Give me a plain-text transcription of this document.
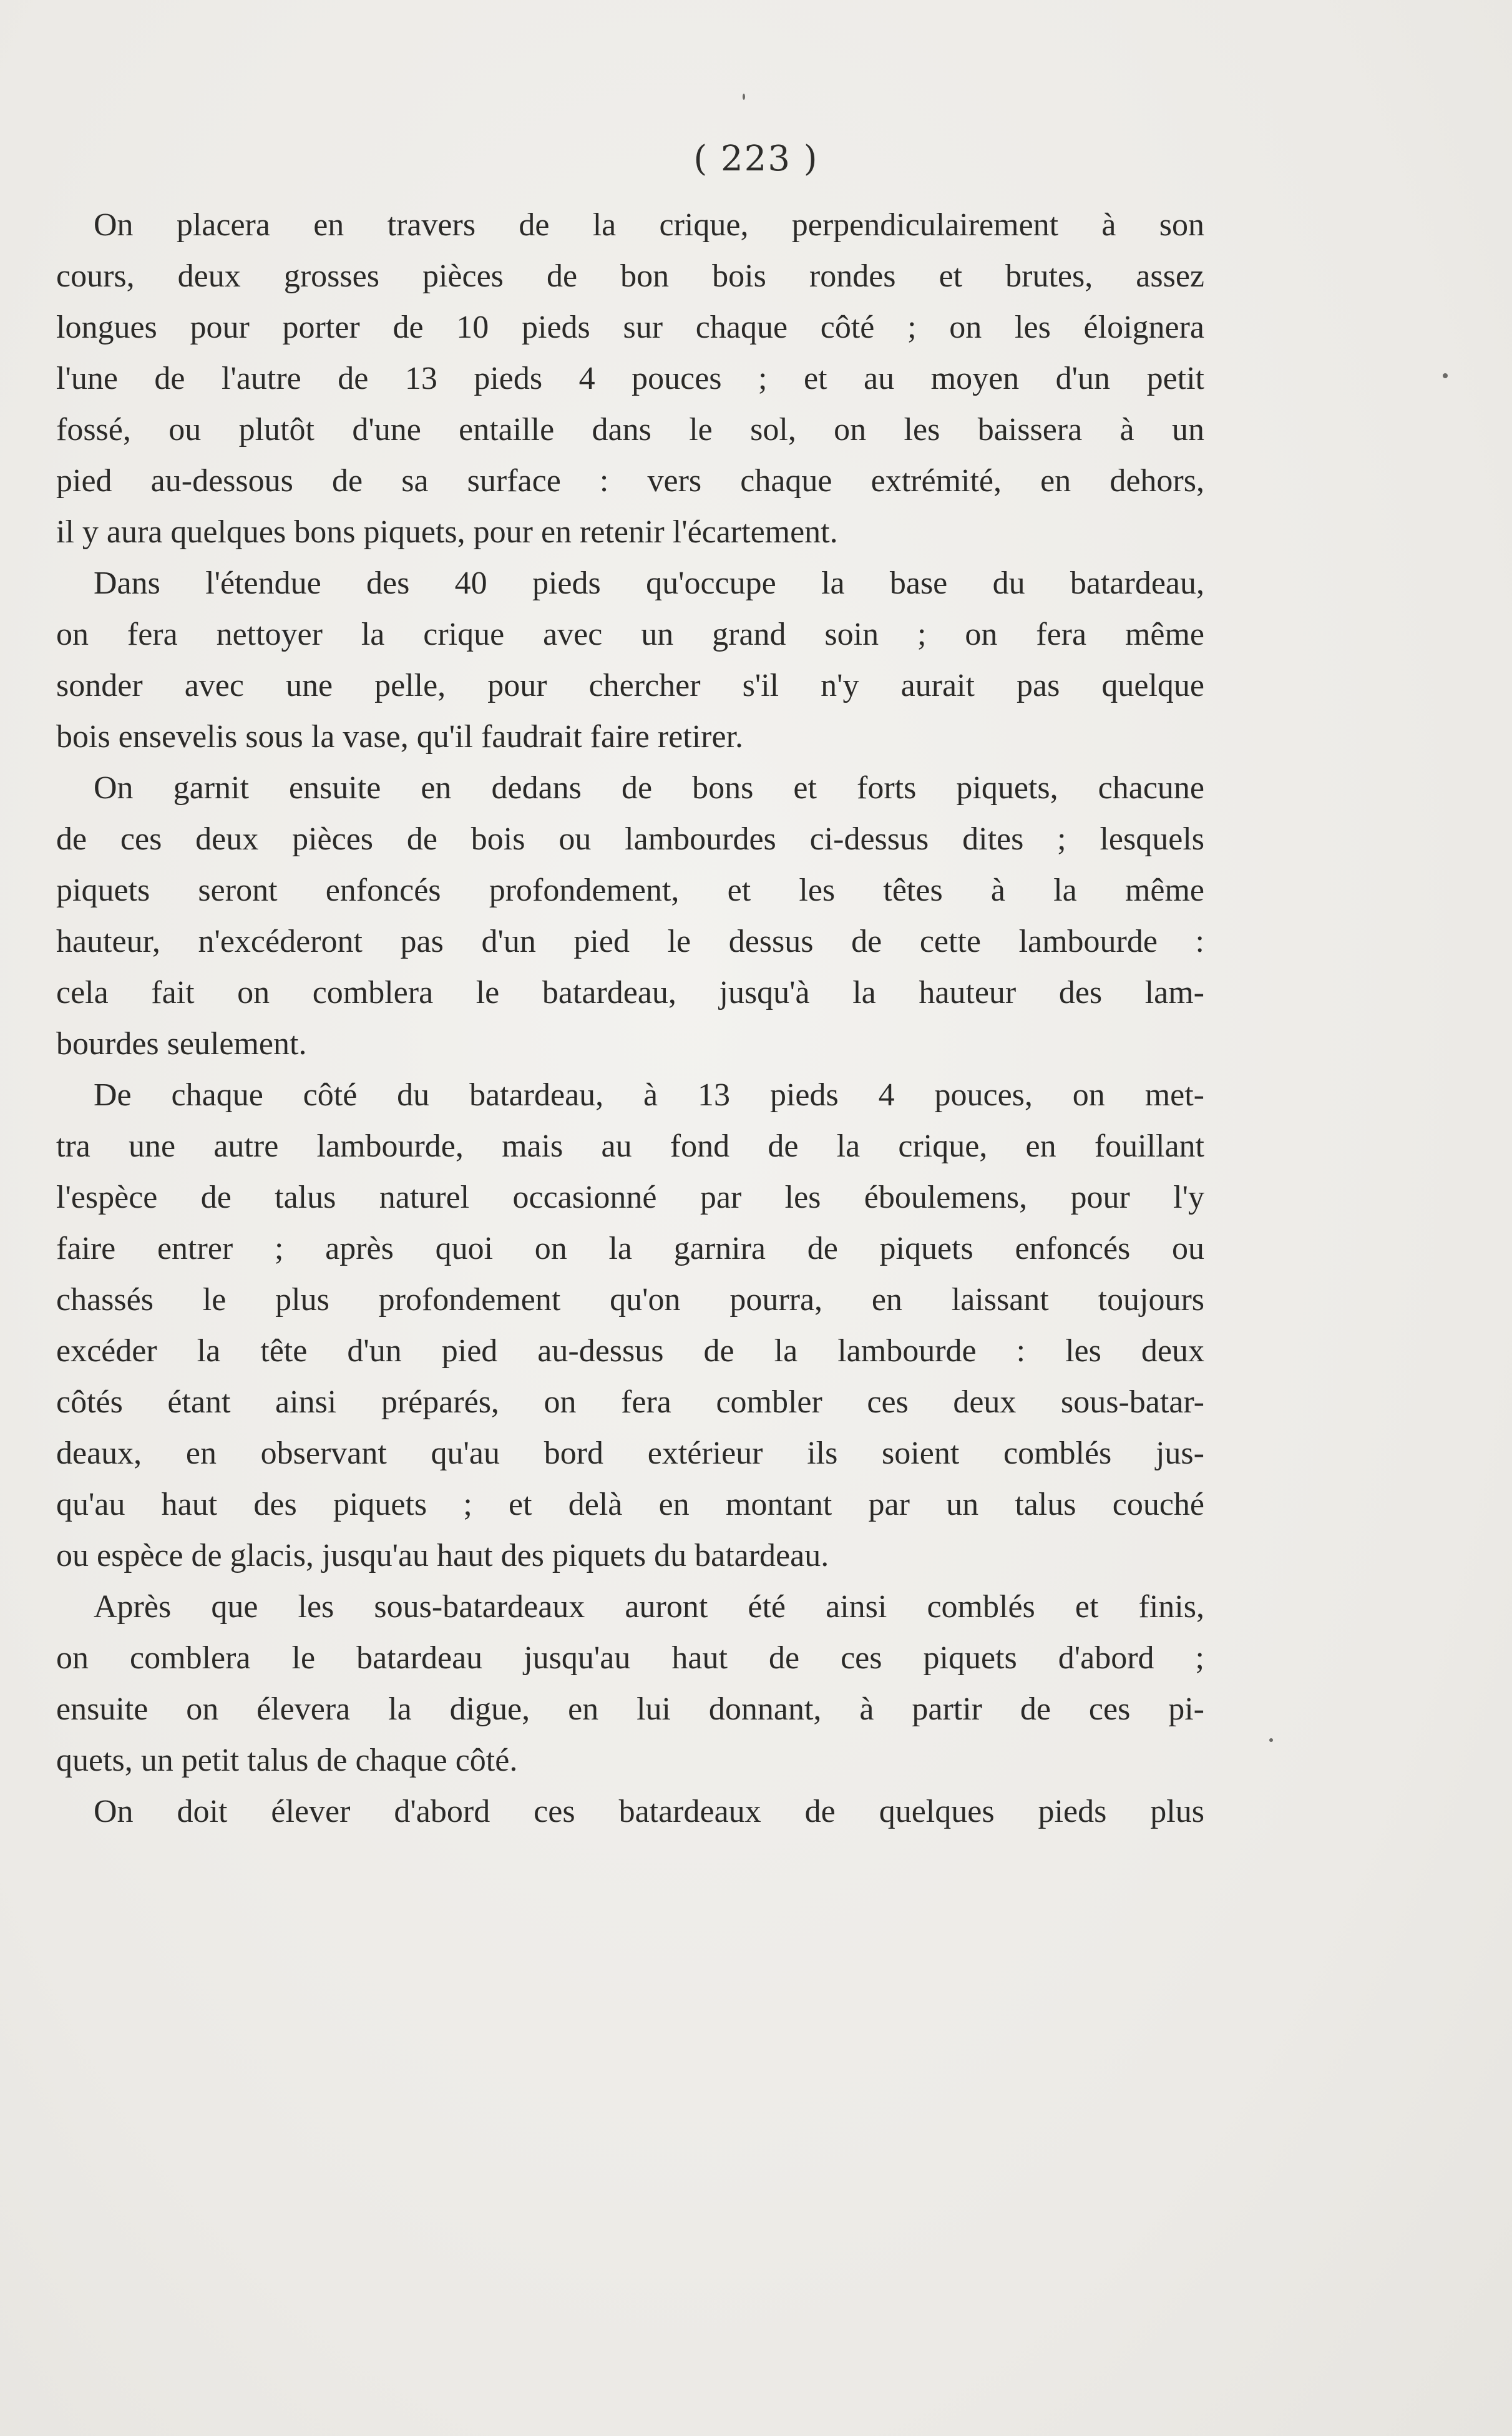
( 223 )
On placera en travers de la crique, perpendiculairement à son
cours, deux grosses pièces de bon bois rondes et brutes, assez
longues pour porter de 10 pieds sur chaque côté ; on les éloignera
l'une de l'autre de 13 pieds 4 pouces ; et au moyen d'un petit
fossé, ou plutôt d'une entaille dans le sol, on les baissera à un
pied au-dessous de sa surface : vers chaque extrémité, en dehors,
il y aura quelques bons piquets, pour en retenir l'écartement.
Dans l'étendue des 40 pieds qu'occupe la base du batardeau,
on fera nettoyer la crique avec un grand soin ; on fera même
sonder avec une pelle, pour chercher s'il n'y aurait pas quelque
bois ensevelis sous la vase, qu'il faudrait faire retirer.
On garnit ensuite en dedans de bons et forts piquets, chacune
de ces deux pièces de bois ou lambourdes ci-dessus dites ; lesquels
piquets seront enfoncés profondement, et les têtes à la même
hauteur, n'excéderont pas d'un pied le dessus de cette lambourde :
cela fait on comblera le batardeau, jusqu'à la hauteur des lam-
bourdes seulement.
De chaque côté du batardeau, à 13 pieds 4 pouces, on met-
tra une autre lambourde, mais au fond de la crique, en fouillant
l'espèce de talus naturel occasionné par les éboulemens, pour l'y
faire entrer ; après quoi on la garnira de piquets enfoncés ou
chassés le plus profondement qu'on pourra, en laissant toujours
excéder la tête d'un pied au-dessus de la lambourde : les deux
côtés étant ainsi préparés, on fera combler ces deux sous-batar-
deaux, en observant qu'au bord extérieur ils soient comblés jus-
qu'au haut des piquets ; et delà en montant par un talus couché
ou espèce de glacis, jusqu'au haut des piquets du batardeau.
Après que les sous-batardeaux auront été ainsi comblés et finis,
on comblera le batardeau jusqu'au haut de ces piquets d'abord ;
ensuite on élevera la digue, en lui donnant, à partir de ces pi-
quets, un petit talus de chaque côté.
On doit élever d'abord ces batardeaux de quelques pieds plus
